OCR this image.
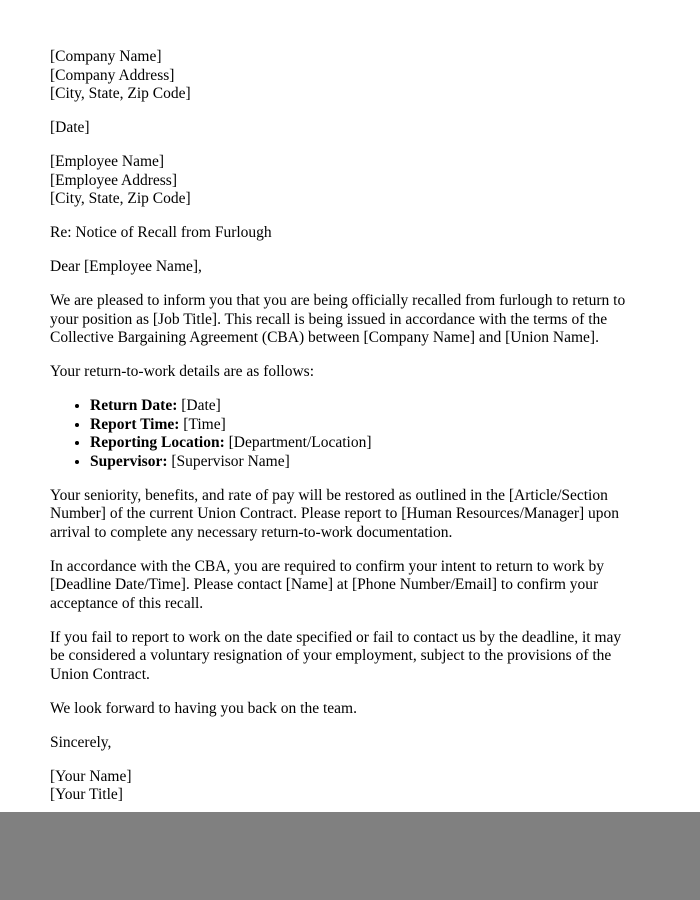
[Company Name]
[Company Address]
[City, State, Zip Code]
[Date]
[Employee Name]
[Employee Address]
[City, State, Zip Code]
Re: Notice of Recall from Furlough
Dear [Employee Name],

We are pleased to inform you that you are being officially recalled from furlough to return to your position as [Job Title]. This recall is being issued in accordance with the terms of the Collective Bargaining Agreement (CBA) between [Company Name] and [Union Name].

Your return-to-work details are as follows:

• Return Date: [Date]
• Report Time: [Time]
• Reporting Location: [Department/Location]
• Supervisor: [Supervisor Name]

Your seniority, benefits, and rate of pay will be restored as outlined in the [Article/Section Number] of the current Union Contract. Please report to [Human Resources/Manager] upon arrival to complete any necessary return-to-work documentation.

In accordance with the CBA, you are required to confirm your intent to return to work by [Deadline Date/Time]. Please contact [Name] at [Phone Number/Email] to confirm your acceptance of this recall.

If you fail to report to work on the date specified or fail to contact us by the deadline, it may be considered a voluntary resignation of your employment, subject to the provisions of the Union Contract.

We look forward to having you back on the team.

Sincerely,

[Your Name]
[Your Title]
